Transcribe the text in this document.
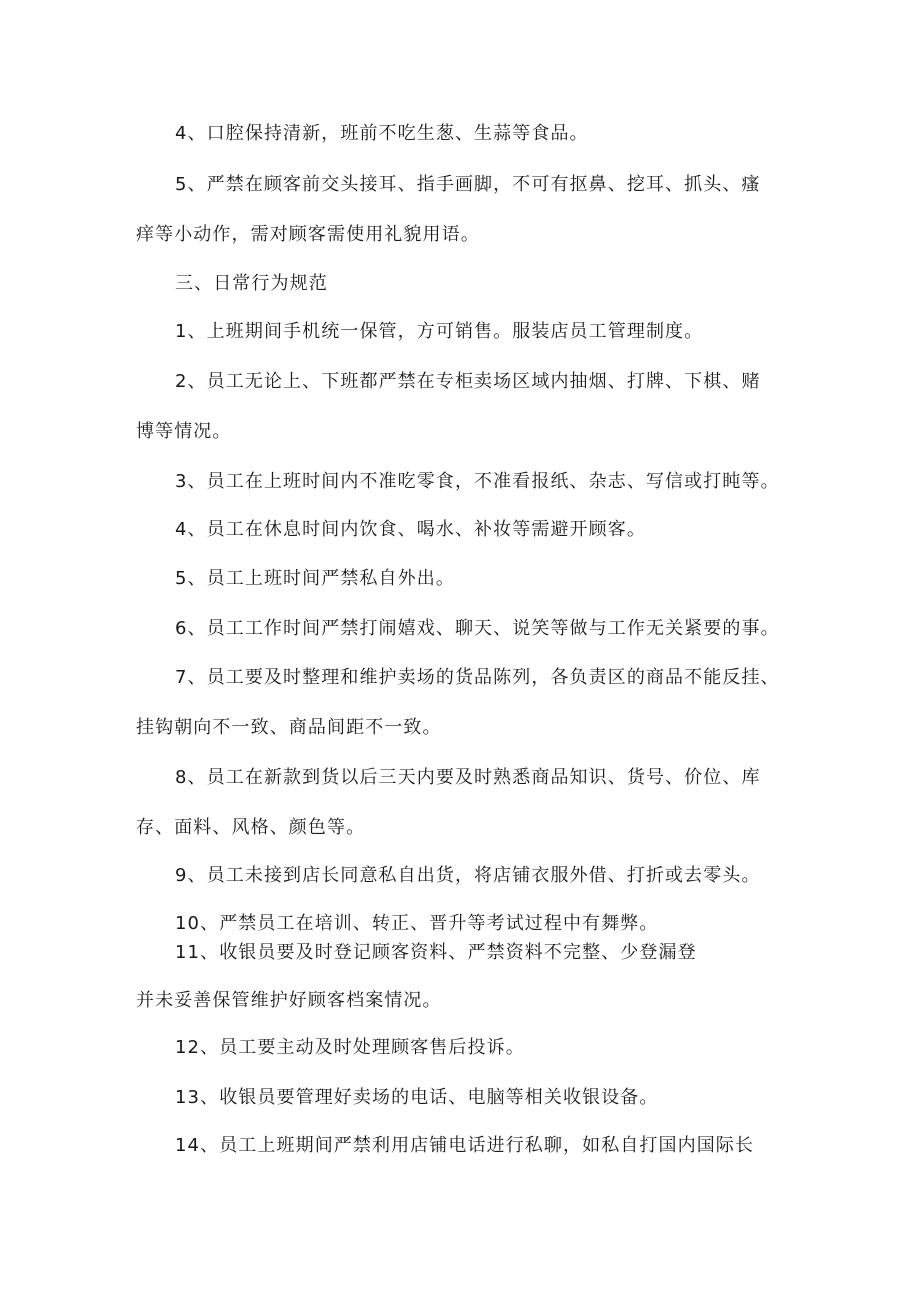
4、口腔保持清新，班前不吃生葱、生蒜等食品。

5、严禁在顾客前交头接耳、指手画脚，不可有抠鼻、挖耳、抓头、瘙

痒等小动作，需对顾客需使用礼貌用语。

三、日常行为规范

1、上班期间手机统一保管，方可销售。服装店员工管理制度。

2、员工无论上、下班都严禁在专柜卖场区域内抽烟、打牌、下棋、赌

博等情况。

3、员工在上班时间内不准吃零食，不准看报纸、杂志、写信或打盹等。

4、员工在休息时间内饮食、喝水、补妆等需避开顾客。

5、员工上班时间严禁私自外出。

6、员工工作时间严禁打闹嬉戏、聊天、说笑等做与工作无关紧要的事。

7、员工要及时整理和维护卖场的货品陈列，各负责区的商品不能反挂、

挂钩朝向不一致、商品间距不一致。

8、员工在新款到货以后三天内要及时熟悉商品知识、货号、价位、库

存、面料、风格、颜色等。

9、员工未接到店长同意私自出货，将店铺衣服外借、打折或去零头。

10、严禁员工在培训、转正、晋升等考试过程中有舞弊。

11、收银员要及时登记顾客资料、严禁资料不完整、少登漏登

并未妥善保管维护好顾客档案情况。

12、员工要主动及时处理顾客售后投诉。

13、收银员要管理好卖场的电话、电脑等相关收银设备。

14、员工上班期间严禁利用店铺电话进行私聊，如私自打国内国际长
